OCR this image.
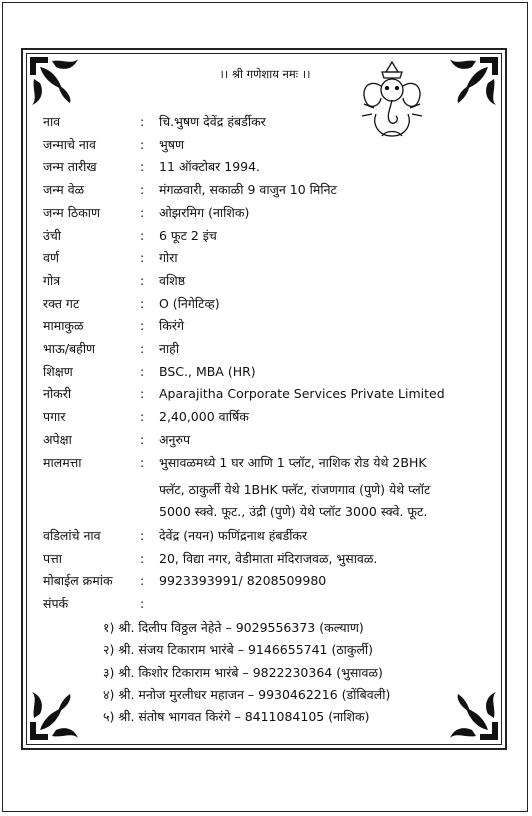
।। श्री गणेशाय नमः ।।
नाव	: चि.भुषण देवेंद्र हंबर्डीकर
जन्माचे नाव	: भुषण
जन्म तारीख	: 11 ऑक्टोबर 1994.
जन्म वेळ	: मंगळवारी, सकाळी 9 वाजुन 10 मिनिट
जन्म ठिकाण	: ओझरमिग (नाशिक)
उंची	: 6 फूट 2 इंच
वर्ण	: गोरा
गोत्र	: वशिष्ठ
रक्त गट	: O (निगेटिव्ह)
मामाकुळ	: किरंगे
भाऊ/बहीण	: नाही
शिक्षण	: BSC., MBA (HR)
नोकरी	: Aparajitha Corporate Services Private Limited
पगार	: 2,40,000 वार्षिक
अपेक्षा	: अनुरुप
मालमत्ता	: भुसावळमध्ये 1 घर आणि 1 प्लॉट, नाशिक रोड येथे 2BHK
फ्लॅट, ठाकुर्ली येथे 1BHK फ्लॅट, रांजणगाव (पुणे) येथे प्लॉट
5000 स्क्वे. फूट., उंद्री (पुणे) येथे प्लॉट 3000 स्क्वे. फूट.
वडिलांचे नाव	: देवेंद्र (नयन) फणिंद्रनाथ हंबर्डीकर
पत्ता	: 20, विद्या नगर, वेडीमाता मंदिराजवळ, भुसावळ.
मोबाईल क्रमांक : 9923393991/ 8208509980
संपर्क	:
१) श्री. दिलीप विठ्ठल नेहेते – 9029556373 (कल्याण)
२) श्री. संजय टिकाराम भारंबे – 9146655741 (ठाकुर्ली)
३) श्री. किशोर टिकाराम भारंबे – 9822230364 (भुसावळ)
४) श्री. मनोज मुरलीधर महाजन – 9930462216 (डोंबिवली)
५) श्री. संतोष भागवत किरंगे – 8411084105 (नाशिक)
